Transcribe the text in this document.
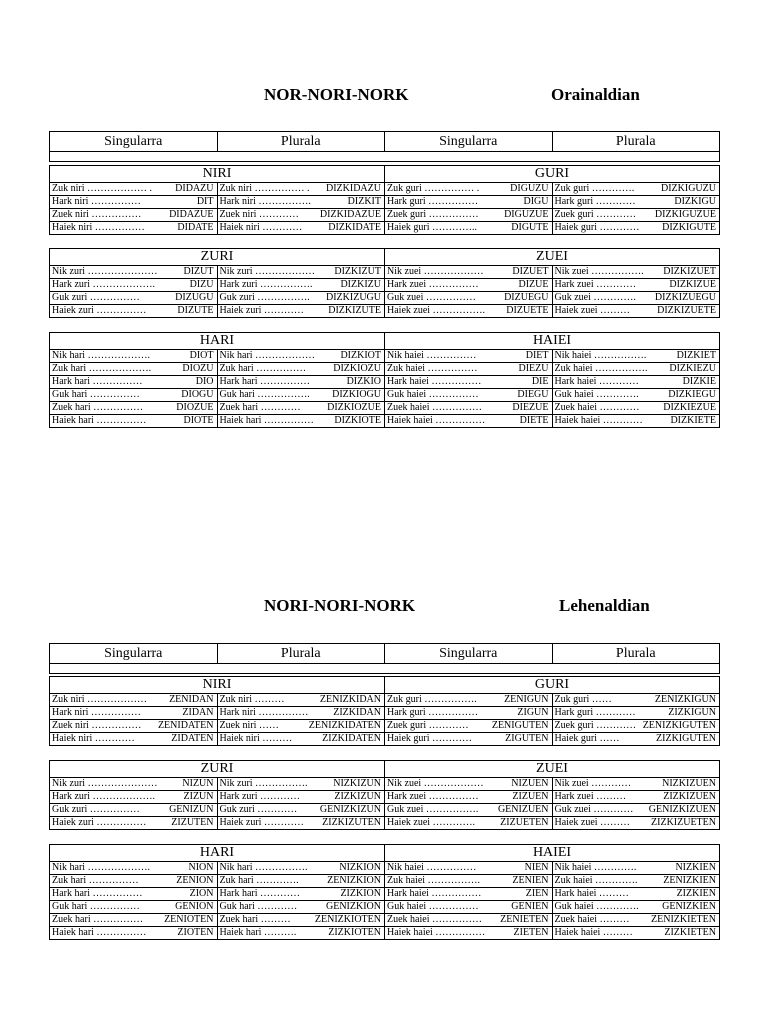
NOR-NORI-NORK	Orainaldian
Singularra	Plurala	Singularra	Plurala

NIRI		GURI	

Zuk niri ……………… . DIDAZU	Zuk niri …………… . DIZKIDAZU	Zuk guri …………… . DIGUZU	Zuk guri …………. DIZKIGUZU

Hark niri …………… DIT	Hark niri ……………. DIZKIT	Hark guri …………… DIGU	Hark guri ………… DIZKIGU

Zuek niri …………… DIDAZUE	Zuek niri ………… DIZKIDAZUE	Zuek guri …………… DIGUZUE	Zuek guri ………… DIZKIGUZUE

Haiek niri …………… DIDATE	Haiek niri ………… DIZKIDATE	Haiek guri ………….. DIGUTE	Haiek guri ………… DIZKIGUTE
ZURI		ZUEI	

Nik zuri ………………… DIZUT	Nik zuri ……………… DIZKIZUT	Nik zuei ……………… DIZUET	Nik zuei ……………. DIZKIZUET

Hark zuri ………………. DIZU	Hark zuri ……………. DIZKIZU	Hark zuei …………… DIZUE	Hark zuei ………… DIZKIZUE

Guk zuri …………… DIZUGU	Guk zuri ……………. DIZKIZUGU	Guk zuei …………… DIZUEGU	Guk zuei …………. DIZKIZUEGU

Haiek zuri …………… DIZUTE	Haiek zuri ………… DIZKIZUTE	Haiek zuei ……………. DIZUETE	Haiek zuei ……… DIZKIZUETE
HARI		HAIEI	

Nik hari ………………. DIOT	Nik hari ……………… DIZKIOT	Nik haiei …………… DIET	Nik haiei ……………. DIZKIET

Zuk hari ………………. DIOZU	Zuk hari …………… DIZKIOZU	Zuk haiei …………… DIEZU	Zuk haiei ……………. DIZKIEZU

Hark hari …………… DIO	Hark hari …………… DIZKIO	Hark haiei …………… DIE	Hark haiei ………… DIZKIE

Guk hari …………… DIOGU	Guk hari ……………. DIZKIOGU	Guk haiei …………… DIEGU	Guk haiei …………. DIZKIEGU

Zuek hari …………… DIOZUE	Zuek hari ………… DIZKIOZUE	Zuek haiei …………… DIEZUE	Zuek haiei ………… DIZKIEZUE

Haiek hari …………… DIOTE	Haiek hari …………… DIZKIOTE	Haiek haiei …………… DIETE	Haiek haiei ………… DIZKIETE
NORI-NORI-NORK	Lehenaldian
Singularra	Plurala	Singularra	Plurala

NIRI		GURI	

Zuk niri ……………… ZENIDAN	Zuk niri ……… ZENIZKIDAN	Zuk guri ……………. ZENIGUN	Zuk guri …… ZENIZKIGUN

Hark niri …………… ZIDAN	Hark niri …………… ZIZKIDAN	Hark guri …………… ZIGUN	Hark guri ………… ZIZKIGUN

Zuek niri …………… ZENIDATEN	Zuek niri …… ZENIZKIDATEN	Zuek guri ………… ZENIGUTEN	Zuek guri ………… ZENIZKIGUTEN

Haiek niri ………… ZIDATEN	Haiek niri ……… ZIZKIDATEN	Haiek guri ………… ZIGUTEN	Haiek guri …… ZIZKIGUTEN
ZURI		ZUEI	

Nik zuri ………………… NIZUN	Nik zuri ……………. NIZKIZUN	Nik zuei ……………… NIZUEN	Nik zuei ………… NIZKIZUEN

Hark zuri ………………. ZIZUN	Hark zuri ………… ZIZKIZUN	Hark zuei …………… ZIZUEN	Hark zuei ……… ZIZKIZUEN

Guk zuri …………… GENIZUN	Guk zuri ………… GENIZKIZUN	Guk zuei ……………. GENIZUEN	Guk zuei ………… GENIZKIZUEN

Haiek zuri …………… ZIZUTEN	Haiek zuri ………… ZIZKIZUTEN	Haiek zuei …………. ZIZUETEN	Haiek zuei ……… ZIZKIZUETEN
HARI		HAIEI	

Nik hari ………………. NION	Nik hari ……………. NIZKION	Nik haiei …………… NIEN	Nik haiei …………. NIZKIEN

Zuk hari …………… ZENION	Zuk hari …………. ZENIZKION	Zuk haiei ……………. ZENIEN	Zuk haiei …………. ZENIZKIEN

Hark hari …………… ZION	Hark hari ………… ZIZKION	Hark haiei …………… ZIEN	Hark haiei ……… ZIZKIEN

Guk hari …………… GENION	Guk hari ………… GENIZKION	Guk haiei …………… GENIEN	Guk haiei …………. GENIZKIEN

Zuek hari …………… ZENIOTEN	Zuek hari ……… ZENIZKIOTEN	Zuek haiei …………… ZENIETEN	Zuek haiei ……… ZENIZKIETEN

Haiek hari …………… ZIOTEN	Haiek hari ………. ZIZKIOTEN	Haiek haiei …………… ZIETEN	Haiek haiei ……… ZIZKIETEN
